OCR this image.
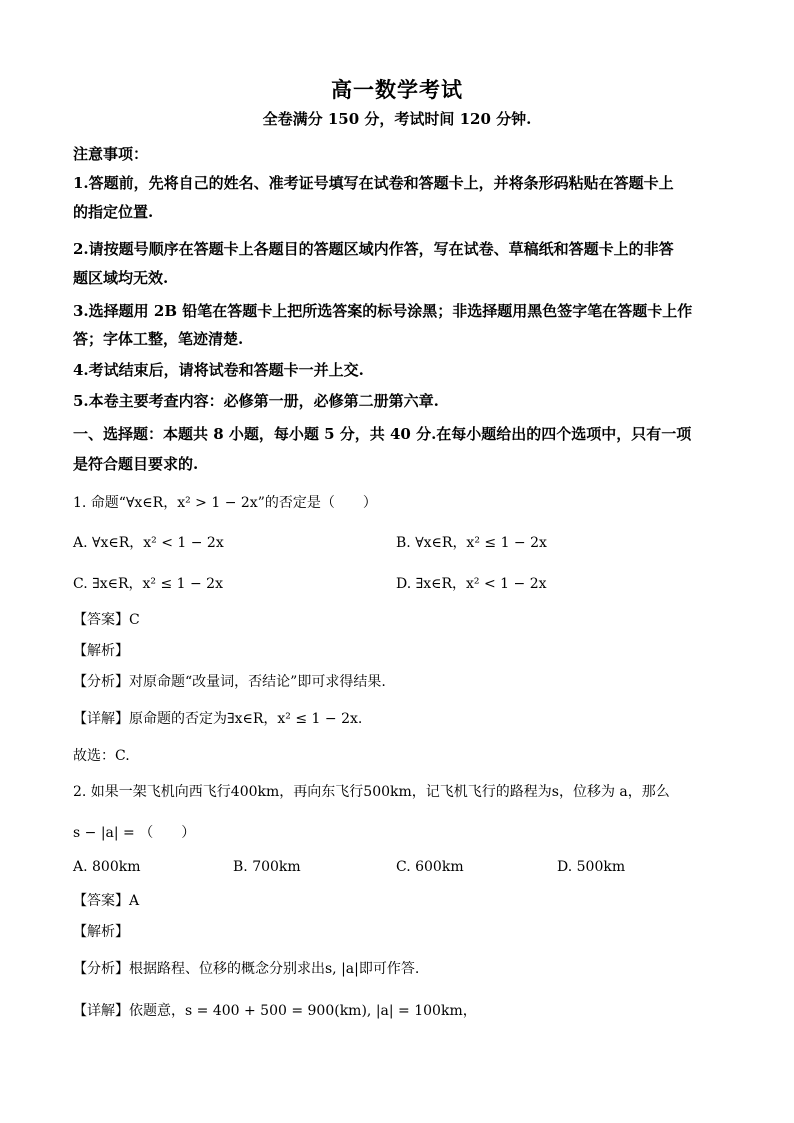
高一数学考试
全卷满分 150 分，考试时间 120 分钟.
注意事项：
1.答题前，先将自己的姓名、准考证号填写在试卷和答题卡上，并将条形码粘贴在答题卡上
的指定位置.
2.请按题号顺序在答题卡上各题目的答题区域内作答，写在试卷、草稿纸和答题卡上的非答
题区域均无效.
3.选择题用 2B 铅笔在答题卡上把所选答案的标号涂黑；非选择题用黑色签字笔在答题卡上作
答；字体工整，笔迹清楚.
4.考试结束后，请将试卷和答题卡一并上交.
5.本卷主要考查内容：必修第一册，必修第二册第六章.
一、选择题：本题共 8 小题，每小题 5 分，共 40 分.在每小题给出的四个选项中，只有一项
是符合题目要求的.
1. 命题“∀x∈R，x² > 1 − 2x”的否定是（　　）
A. ∀x∈R，x² < 1 − 2x	B. ∀x∈R，x² ≤ 1 − 2x
C. ∃x∈R，x² ≤ 1 − 2x	D. ∃x∈R，x² < 1 − 2x
【答案】C
【解析】
【分析】对原命题“改量词，否结论”即可求得结果.
【详解】原命题的否定为∃x∈R，x² ≤ 1 − 2x.
故选：C.
2. 如果一架飞机向西飞行400km，再向东飞行500km，记飞机飞行的路程为s，位移为 a，那么
s − |a| = （　　）
A. 800km	B. 700km	C. 600km	D. 500km
【答案】A
【解析】
【分析】根据路程、位移的概念分别求出s, |a|即可作答.
【详解】依题意，s = 400 + 500 = 900(km), |a| = 100km，
